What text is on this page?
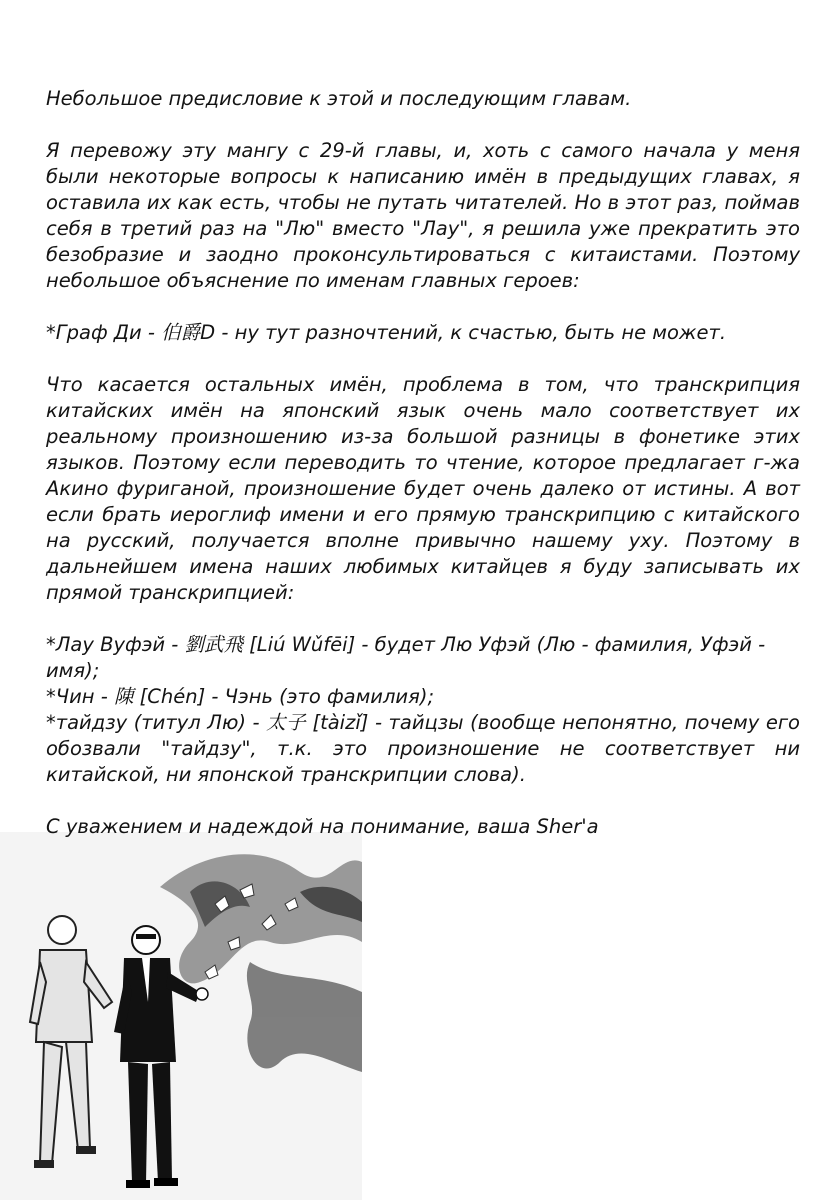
Небольшое предисловие к этой и последующим главам.

Я перевожу эту мангу с 29-й главы, и, хоть с самого начала у меня были некоторые вопросы к написанию имён в предыдущих главах, я оставила их как есть, чтобы не путать читателей. Но в этот раз, поймав себя в третий раз на "Лю" вместо "Лау", я решила уже прекратить это безобразие и заодно проконсультироваться с китаистами. Поэтому небольшое объяснение по именам главных героев:

*Граф Ди - 伯爵D - ну тут разночтений, к счастью, быть не может.

Что касается остальных имён, проблема в том, что транскрипция китайских имён на японский язык очень мало соответствует их реальному произношению из-за большой разницы в фонетике этих языков. Поэтому если переводить то чтение, которое предлагает г-жа Акино фуриганой, произношение будет очень далеко от истины. А вот если брать иероглиф имени и его прямую транскрипцию с китайского на русский, получается вполне привычно нашему уху. Поэтому в дальнейшем имена наших любимых китайцев я буду записывать их прямой транскрипцией:

*Лау Вуфэй - 劉武飛 [Liú Wǔfēi] - будет Лю Уфэй (Лю - фамилия, Уфэй - имя);

*Чин - 陳 [Chén] - Чэнь (это фамилия);

*тайдзу (титул Лю) - 太子 [tàizǐ] - тайцзы (вообще непонятно, почему его обозвали "тайдзу", т.к. это произношение не соответствует ни китайской, ни японской транскрипции слова).

С уважением и надеждой на понимание, ваша Sher'a
